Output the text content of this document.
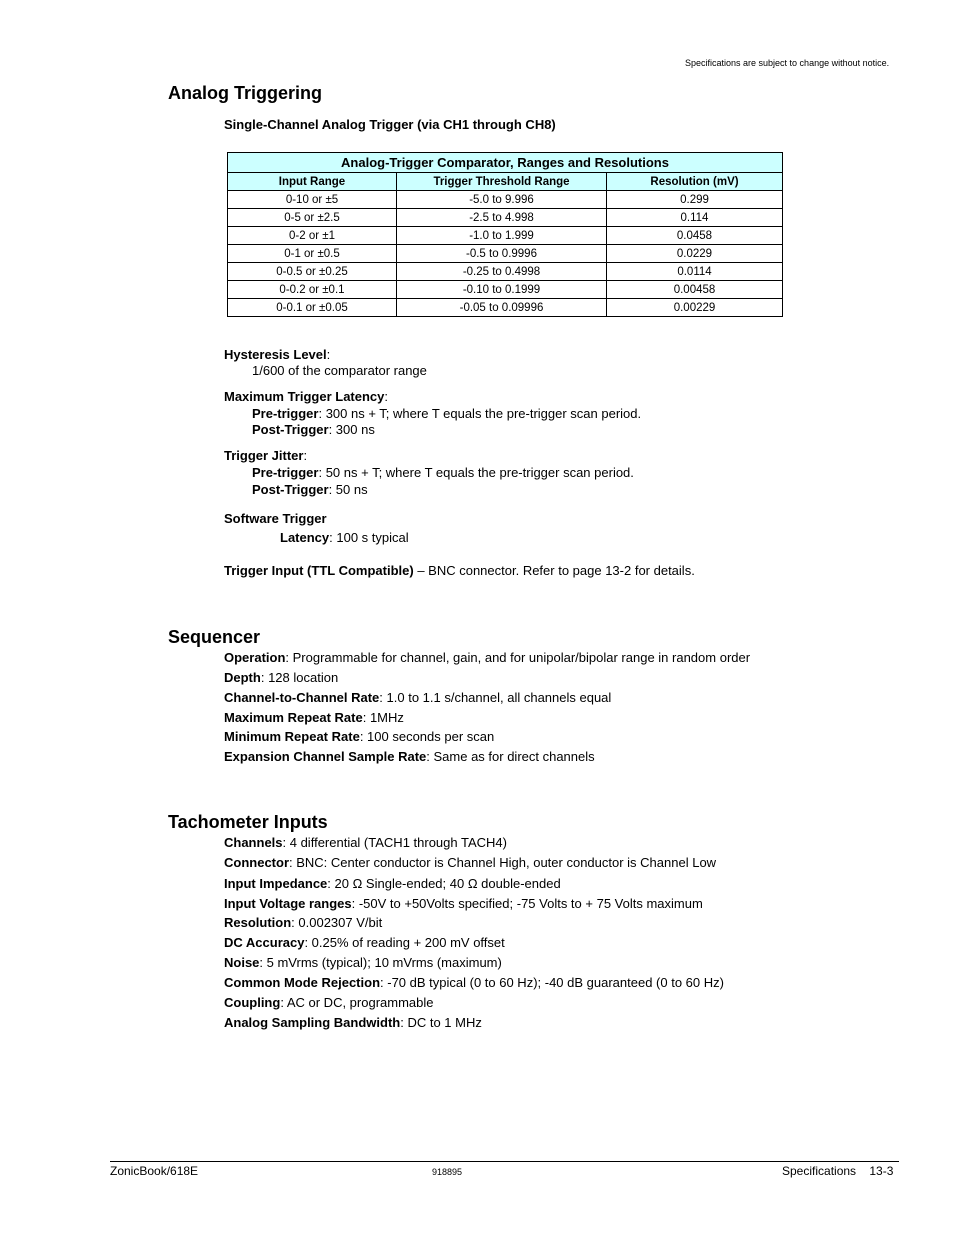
Specifications are subject to change without notice.
Analog Triggering
Single-Channel Analog Trigger (via CH1 through CH8)
Analog-Trigger Comparator, Ranges and Resolutions		
Input Range	Trigger Threshold Range	Resolution (mV)
0-10 or ±5	-5.0 to 9.996	0.299
0-5 or ±2.5	-2.5 to 4.998	0.114
0-2 or ±1	-1.0 to 1.999	0.0458
0-1 or ±0.5	-0.5 to 0.9996	0.0229
0-0.5 or ±0.25	-0.25 to 0.4998	0.0114
0-0.2 or ±0.1	-0.10 to 0.1999	0.00458
0-0.1 or ±0.05	-0.05 to 0.09996	0.00229
Hysteresis Level:
1/600 of the comparator range
Maximum Trigger Latency:
Pre-trigger: 300 ns + T; where T equals the pre-trigger scan period.
Post-Trigger: 300 ns
Trigger Jitter:
Pre-trigger: 50 ns + T; where T equals the pre-trigger scan period.
Post-Trigger: 50 ns
Software Trigger
Latency: 100 s typical
Trigger Input (TTL Compatible) – BNC connector. Refer to page 13-2 for details.
Sequencer
Operation: Programmable for channel, gain, and for unipolar/bipolar range in random order
Depth: 128 location
Channel-to-Channel Rate: 1.0 to 1.1 s/channel, all channels equal
Maximum Repeat Rate: 1MHz
Minimum Repeat Rate: 100 seconds per scan
Expansion Channel Sample Rate: Same as for direct channels
Tachometer Inputs
Channels: 4 differential (TACH1 through TACH4)
Connector: BNC: Center conductor is Channel High, outer conductor is Channel Low
Input Impedance: 20 Ω Single-ended; 40 Ω double-ended
Input Voltage ranges: -50V to +50Volts specified; -75 Volts to + 75 Volts maximum
Resolution: 0.002307 V/bit
DC Accuracy: 0.25% of reading + 200 mV offset
Noise: 5 mVrms (typical); 10 mVrms (maximum)
Common Mode Rejection: -70 dB typical (0 to 60 Hz); -40 dB guaranteed (0 to 60 Hz)
Coupling: AC or DC, programmable
Analog Sampling Bandwidth: DC to 1 MHz
ZonicBook/618E	918895	Specifications    13-3
